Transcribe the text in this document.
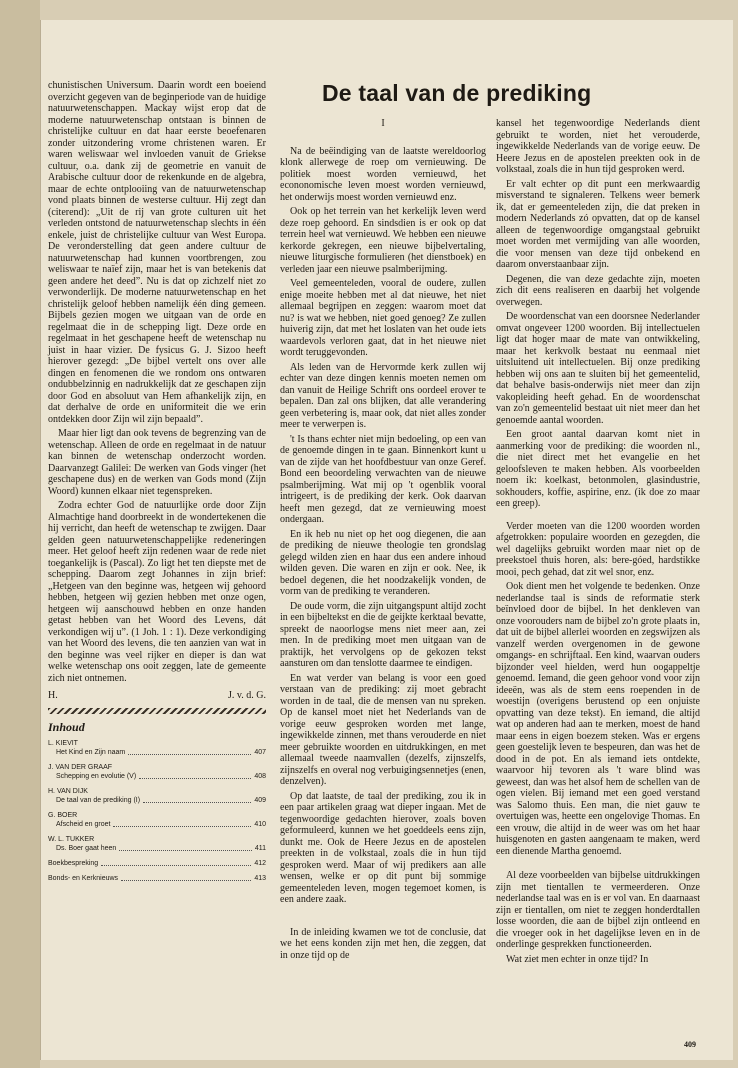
De taal van de prediking

chunistischen Universum. Daarin wordt een boeiend overzicht gegeven van de beginperiode van de huidige natuurwetenschappen. Mackay wijst erop dat de moderne natuurwetenschap ontstaan is binnen de christelijke cultuur en dat haar eerste beoefenaren zonder uitzondering vrome christenen waren. Er waren weliswaar wel invloeden vanuit de Griekse cultuur, o.a. dank zij de geometrie en vanuit de Arabische cultuur door de rekenkunde en de algebra, maar de echte ontplooiing van de natuurwetenschap vond plaats binnen de westerse cultuur. Hij zegt dan (citerend): „Uit de rij van grote culturen uit het verleden ontstond de natuurwetenschap slechts in één enkele, juist de christelijke cultuur van West Europa. De veronderstelling dat geen andere cultuur de natuurwetenschap had kunnen voortbrengen, zou weliswaar te naïef zijn, maar het is van betekenis dat geen andere het deed”. Nu is dat op zichzelf niet zo verwonderlijk. De moderne natuurwetenschap en het christelijk geloof hebben namelijk één ding gemeen. Bijbels gezien mogen we uitgaan van de orde en regelmaat die in de schepping ligt. Deze orde en regelmaat in het geschapene heeft de wetenschap nu juist in haar vizier. De fysicus G. J. Sizoo heeft hierover gezegd: „De bijbel vertelt ons over alle dingen en fenomenen die we rondom ons ontwaren ondubbelzinnig en nadrukkelijk dat ze geschapen zijn door God en absoluut van Hem afhankelijk zijn, en dat derhalve de orde en uniformiteit die we erin ontdekken door Zijn wil zijn bepaald”.

Maar hier ligt dan ook tevens de begrenzing van de wetenschap. Alleen de orde en regelmaat in de natuur kan binnen de wetenschap onderzocht worden. Daarvanzegt Galilei: De werken van Gods vinger (het geschapene dus) en de werken van Gods mond (Zijn Woord) kunnen elkaar niet tegenspreken.

Zodra echter God de natuurlijke orde door Zijn Almachtige hand doorbreekt in de wondertekenen die hij verricht, dan heeft de wetenschap te zwijgen. Daar gelden geen natuurwetenschappelijke redeneringen meer. Het geloof heeft zijn redenen waar de rede niet toegankelijk is (Pascal). Zo ligt het ten diepste met de schepping. Daarom zegt Johannes in zijn brief: „Hetgeen van den beginne was, hetgeen wij gehoord hebben, hetgeen wij gezien hebben met onze ogen, hetgeen wij aanschouwd hebben en onze handen getast hebben van het Woord des Levens, dát verkondigen wij u”. (1 Joh. 1 : 1). Deze verkondiging van het Woord des levens, die ten aanzien van wat in den beginne was veel rijker en dieper is dan wat welke wetenschap ons ooit zeggen, late de gemeente zich niet ontnemen.

H.	J. v. d. G.
Inhoud
L. KIEVIT
Het Kind en Zijn naam	407
J. VAN DER GRAAF
Schepping en evolutie (V)	408
H. VAN DIJK
De taal van de prediking (I)	409
G. BOER
Afscheid en groet	410
W. L. TUKKER
Ds. Boer gaat heen	411
Boekbespreking	412
Bonds- en Kerknieuws	413
I

Na de beëindiging van de laatste wereldoorlog klonk allerwege de roep om vernieuwing. De politiek moest worden vernieuwd, het econonomische leven moest worden vernieuwd, het onderwijs moest worden vernieuwd enz.

Ook op het terrein van het kerkelijk leven werd deze roep gehoord. En sindsdien is er ook op dat terrein heel wat vernieuwd. We hebben een nieuwe kerkorde gekregen, een nieuwe bijbelvertaling, nieuwe liturgische formulieren (het dienstboek) en verleden jaar een nieuwe psalmberijming.

Veel gemeenteleden, vooral de oudere, zullen enige moeite hebben met al dat nieuwe, het niet allemaal begrijpen en zeggen: waarom moet dat nu? is wat we hebben, niet goed genoeg? Ze zullen huiverig zijn, dat met het loslaten van het oude iets waardevols verloren gaat, dat in het nieuwe niet wordt teruggevonden.

Als leden van de Hervormde kerk zullen wij echter van deze dingen kennis moeten nemen om dan vanuit de Heilige Schrift ons oordeel erover te bepalen. Dan zal ons blijken, dat alle verandering geen verbetering is, maar ook, dat niet alles zonder meer te verwerpen is.

't Is thans echter niet mijn bedoeling, op een van de genoemde dingen in te gaan. Binnenkort kunt u van de zijde van het hoofdbestuur van onze Geref. Bond een beoordeling verwachten van de nieuwe psalmberijming. Wat mij op 't ogenblik vooral intrigeert, is de prediking der kerk. Ook daarvan heeft men gezegd, dat ze vernieuwing moest ondergaan.

En ik heb nu niet op het oog diegenen, die aan de prediking de nieuwe theologie ten grondslag gelegd wilden zien en haar dus een andere inhoud wilden geven. Die waren en zijn er ook. Nee, ik bedoel degenen, die het noodzakelijk vonden, de vorm van de prediking te veranderen.

De oude vorm, die zijn uitgangspunt altijd zocht in een bijbeltekst en die de geijkte kerktaal bevatte, spreekt de naoorlogse mens niet meer aan, zei men. In de prediking moet men uitgaan van de praktijk, het vervolgens op de gekozen tekst aansturen om dan tenslotte daarmee te eindigen.

En wat verder van belang is voor een goed verstaan van de prediking: zij moet gebracht worden in de taal, die de mensen van nu spreken. Op de kansel moet niet het Nederlands van de vorige eeuw gesproken worden met lange, ingewikkelde zinnen, met thans verouderde en niet meer gebruikte woorden en uitdrukkingen, en met allemaal tweede naamvallen (dezelfs, zijnszelfs, zijnszelfs en overal nog verbuigingsennetjes (enen, denzelven).

Op dat laatste, de taal der prediking, zou ik in een paar artikelen graag wat dieper ingaan. Met de tegenwoordige gedachten hierover, zoals boven geformuleerd, kunnen we het goeddeels eens zijn, dunkt me. Ook de Heere Jezus en de apostelen preekten in de volkstaal, zoals die in hun tijd gesproken werd. Maar of wij predikers aan alle wensen, welke er op dit punt bij sommige gemeenteleden leven, mogen tegemoet komen, is een andere zaak.

In de inleiding kwamen we tot de conclusie, dat we het eens konden zijn met hen, die zeggen, dat in onze tijd op de

kansel het tegenwoordige Nederlands dient gebruikt te worden, niet het verouderde, ingewikkelde Nederlands van de vorige eeuw. De Heere Jezus en de apostelen preekten ook in de volkstaal, zoals die in hun tijd gesproken werd.

Er valt echter op dit punt een merkwaardig misverstand te signaleren. Telkens weer bemerk ik, dat er gemeenteleden zijn, die dat preken in modern Nederlands zó opvatten, dat op de kansel alleen de tegenwoordige omgangstaal gebruikt moet worden met vermijding van alle woorden, die voor mensen van deze tijd onbekend en daarom onverstaanbaar zijn.

Degenen, die van deze gedachte zijn, moeten zich dit eens realiseren en daarbij het volgende overwegen.

De woordenschat van een doorsnee Nederlander omvat ongeveer 1200 woorden. Bij intellectuelen ligt dat hoger maar de mate van ontwikkeling, maar het kerkvolk bestaat nu eenmaal niet uitsluitend uit intellectuelen. Bij onze prediking hebben wij ons aan te sluiten bij het gemeentelid, dat behalve basis-onderwijs niet meer dan zijn vakopleiding heeft gehad. En de woordenschat van zo'n gemeentelid bestaat uit niet meer dan het genoemde aantal woorden.

Een groot aantal daarvan komt niet in aanmerking voor de prediking: die woorden nl., die niet direct met het evangelie en het geloofsleven te maken hebben. Als voorbeelden noem ik: koelkast, betonmolen, glasindustrie, sokhouders, koffie, aspirine, enz. (ik doe zo maar een greep).

Verder moeten van die 1200 woorden worden afgetrokken: populaire woorden en gezegden, die wel dagelijks gebruikt worden maar niet op de preekstoel thuis horen, als: bere-góed, hardstikke mooi, pech gehad, dat zit wel snor, enz.

Ook dient men het volgende te bedenken. Onze nederlandse taal is sinds de reformatie sterk beïnvloed door de bijbel. In het denkleven van onze voorouders nam de bijbel zo'n grote plaats in, dat uit de bijbel allerlei woorden en zegswijzen als vanzelf werden overgenomen in de gewone omgangs- en schrijftaal. Een kind, waarvan ouders bijzonder veel hielden, werd hun oogappeltje genoemd. Iemand, die geen gehoor vond voor zijn ideeën, was als de stem eens roependen in de woestijn (overigens berustend op een onjuiste opvatting van deze tekst). En iemand, die altijd wat op anderen had aan te merken, moest de hand maar eens in eigen boezem steken. Was er ergens geen goestelijk leven te bespeuren, dan was het de dood in de pot. En als iemand iets ontdekte, waarvoor hij tevoren als 't ware blind was geweest, dan was het alsof hem de schellen van de ogen vielen. Bij iemand met een goed verstand was Salomo thuis. Een man, die niet gauw te overtuigen was, heette een ongelovige Thomas. En een vrouw, die altijd in de weer was om het haar huisgenoten en gasten aangenaam te maken, werd een dienende Martha genoemd.

Al deze voorbeelden van bijbelse uitdrukkingen zijn met tientallen te vermeerderen. Onze nederlandse taal was en is er vol van. En daarnaast zijn er tientallen, om niet te zeggen honderdtallen losse woorden, die aan de bijbel zijn ontleend en die vroeger ook in het dagelijkse leven en in de onderlinge gesprekken functioneerden.

Wat ziet men echter in onze tijd? In

409
